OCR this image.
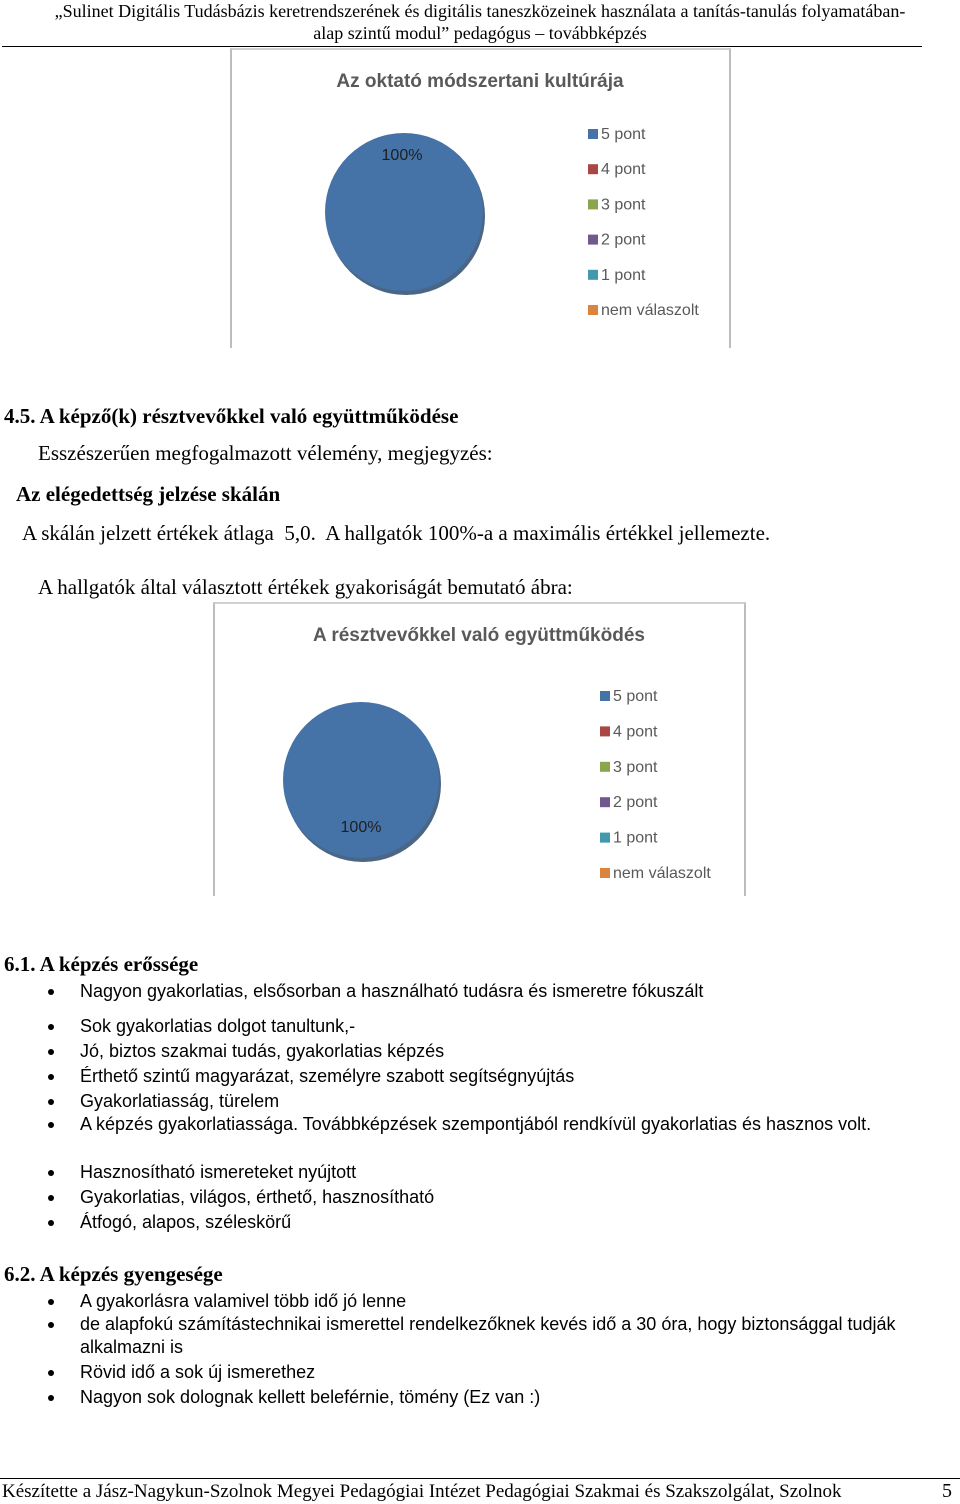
„Sulinet Digitális Tudásbázis keretrendszerének és digitális taneszközeinek használata a tanítás-tanulás folyamatában-
alap szintű modul” pedagógus – továbbképzés
Az oktató módszertani kultúrája
100%
5 pont
4 pont
3 pont
2 pont
1 pont
nem válaszolt
4.5. A képző(k) résztvevőkkel való együttműködése
Esszészerűen megfogalmazott vélemény, megjegyzés:
Az elégedettség jelzése skálán
A skálán jelzett értékek átlaga  5,0.  A hallgatók 100%-a a maximális értékkel jellemezte.
A hallgatók által választott értékek gyakoriságát bemutató ábra:
A résztvevőkkel való együttműködés
100%
5 pont
4 pont
3 pont
2 pont
1 pont
nem válaszolt
6.1. A képzés erőssége
Nagyon gyakorlatias, elsősorban a használható tudásra és ismeretre fókuszált
Sok gyakorlatias dolgot tanultunk,-
Jó, biztos szakmai tudás, gyakorlatias képzés
Érthető szintű magyarázat, személyre szabott segítségnyújtás
Gyakorlatiasság, türelem
A képzés gyakorlatiassága. Továbbképzések szempontjából rendkívül gyakorlatias és hasznos volt.
Hasznosítható ismereteket nyújtott
Gyakorlatias, világos, érthető, hasznosítható
Átfogó, alapos, széleskörű
6.2. A képzés gyengesége
A gyakorlásra valamivel több idő jó lenne
de alapfokú számítástechnikai ismerettel rendelkezőknek kevés idő a 30 óra, hogy biztonsággal tudják alkalmazni is
Rövid idő a sok új ismerethez
Nagyon sok dolognak kellett beleférnie, tömény (Ez van :)
Készítette a Jász-Nagykun-Szolnok Megyei Pedagógiai Intézet Pedagógiai Szakmai és Szakszolgálat, Szolnok	5
